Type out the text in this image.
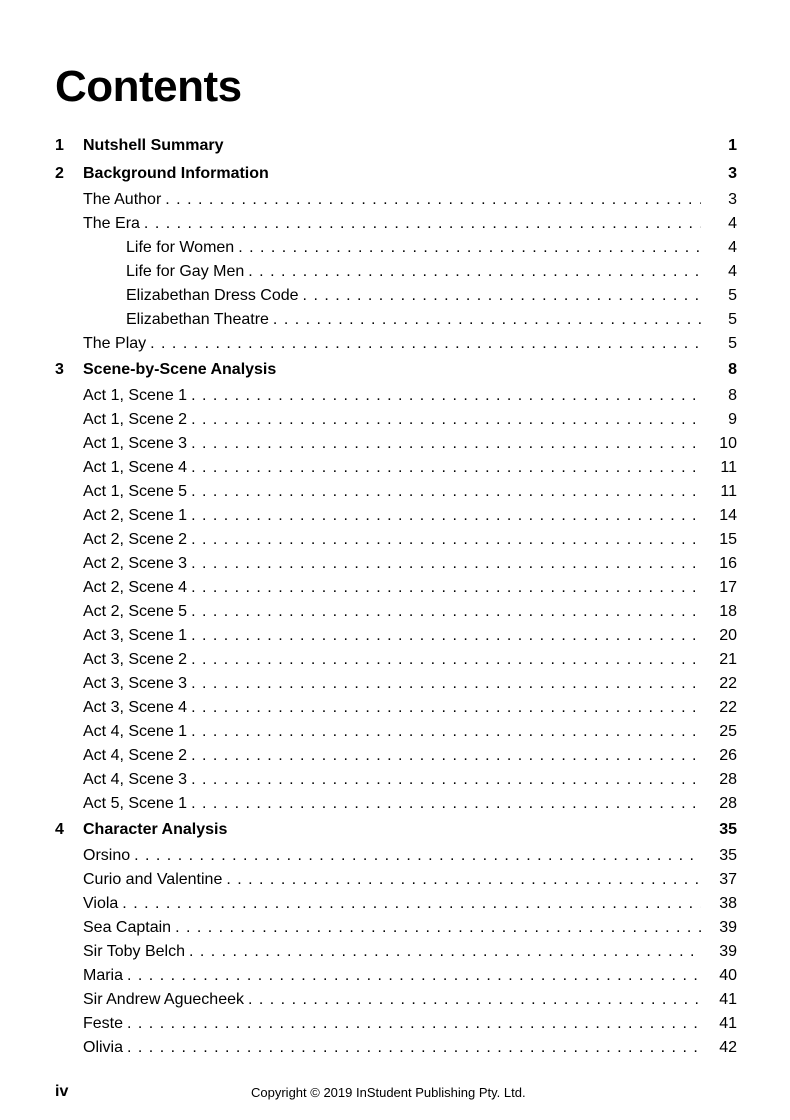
Contents
1	Nutshell Summary	1
2	Background Information	3
The Author . . .	3
The Era . . .	4
Life for Women . . .	4
Life for Gay Men . . .	4
Elizabethan Dress Code . . .	5
Elizabethan Theatre . . .	5
The Play . . .	5
3	Scene-by-Scene Analysis	8
Act 1, Scene 1 . . .	8
Act 1, Scene 2 . . .	9
Act 1, Scene 3 . . .	10
Act 1, Scene 4 . . .	11
Act 1, Scene 5 . . .	11
Act 2, Scene 1 . . .	14
Act 2, Scene 2 . . .	15
Act 2, Scene 3 . . .	16
Act 2, Scene 4 . . .	17
Act 2, Scene 5 . . .	18
Act 3, Scene 1 . . .	20
Act 3, Scene 2 . . .	21
Act 3, Scene 3 . . .	22
Act 3, Scene 4 . . .	22
Act 4, Scene 1 . . .	25
Act 4, Scene 2 . . .	26
Act 4, Scene 3 . . .	28
Act 5, Scene 1 . . .	28
4	Character Analysis	35
Orsino . . .	35
Curio and Valentine . . .	37
Viola . . .	38
Sea Captain . . .	39
Sir Toby Belch . . .	39
Maria . . .	40
Sir Andrew Aguecheek . . .	41
Feste . . .	41
Olivia . . .	42
iv	Copyright © 2019 InStudent Publishing Pty. Ltd.
